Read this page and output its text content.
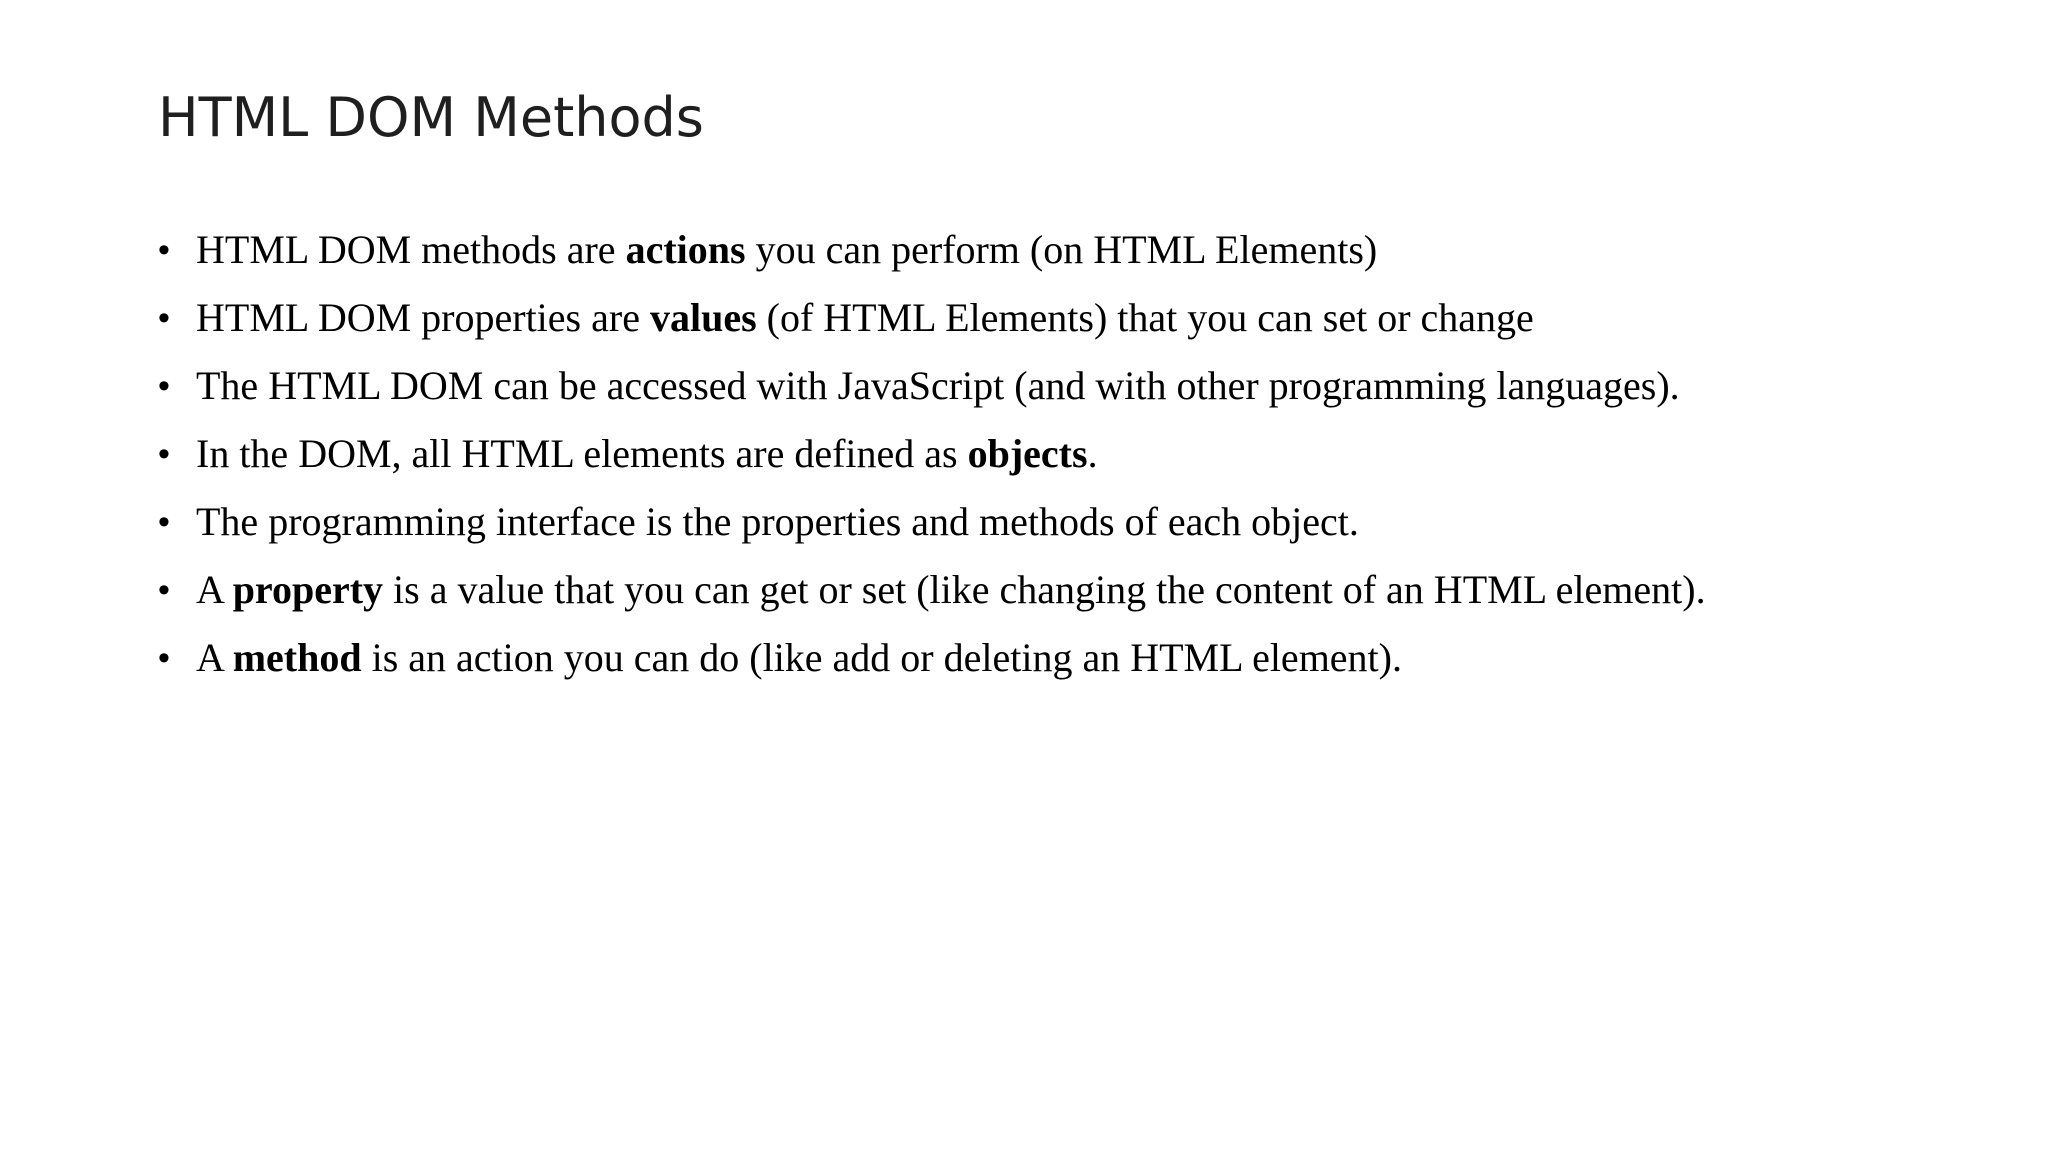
HTML DOM Methods
• HTML DOM methods are actions you can perform (on HTML Elements)
• HTML DOM properties are values (of HTML Elements) that you can set or change
• The HTML DOM can be accessed with JavaScript (and with other programming languages).
• In the DOM, all HTML elements are defined as objects.
• The programming interface is the properties and methods of each object.
• A property is a value that you can get or set (like changing the content of an HTML element).
• A method is an action you can do (like add or deleting an HTML element).
